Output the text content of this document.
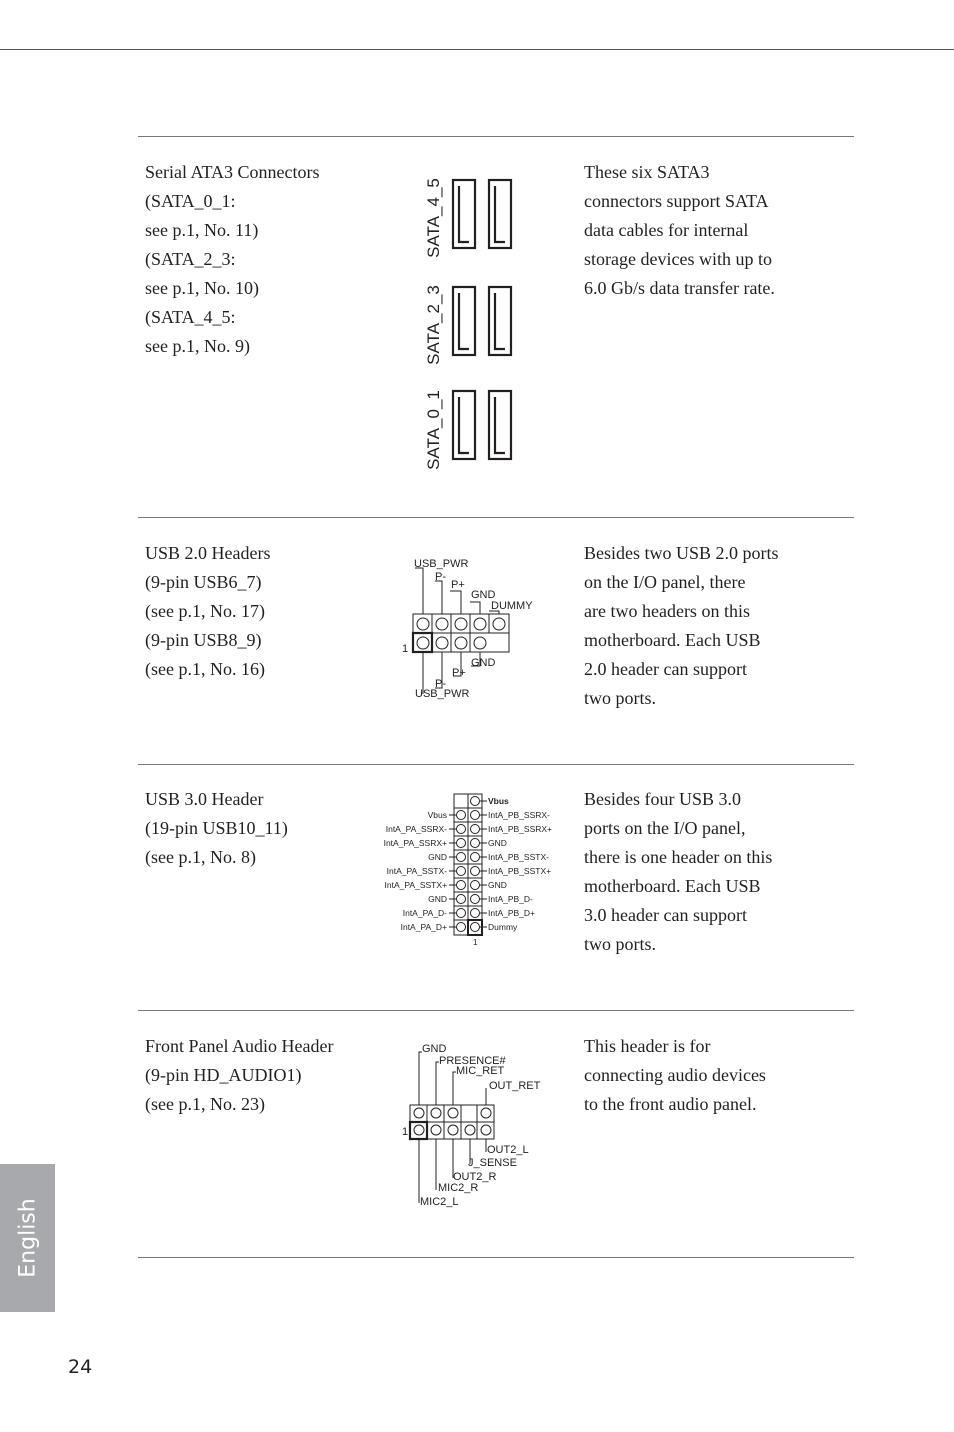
Serial ATA3 Connectors
(SATA_0_1:
see p.1, No. 11)
(SATA_2_3:
see p.1, No. 10)
(SATA_4_5:
see p.1, No. 9)
These six SATA3
connectors support SATA
data cables for internal
storage devices with up to
6.0 Gb/s data transfer rate.
SATA_4_5
SATA_2_3
SATA_0_1
USB 2.0 Headers
(9-pin USB6_7)
(see p.1, No. 17)
(9-pin USB8_9)
(see p.1, No. 16)
Besides two USB 2.0 ports
on the I/O panel, there
are two headers on this
motherboard. Each USB
2.0 header can support
two ports.
USB_PWR
P-
P+
GND
DUMMY
GND
P+
P-
USB_PWR
1
USB 3.0 Header
(19-pin USB10_11)
(see p.1, No. 8)
Besides four USB 3.0
ports on the I/O panel,
there is one header on this
motherboard. Each USB
3.0 header can support
two ports.
Vbus
Vbus
IntA_PA_SSRX-
IntA_PA_SSRX+
GND
IntA_PA_SSTX-
IntA_PA_SSTX+
GND
IntA_PA_D-
IntA_PA_D+
IntA_PB_SSRX-
IntA_PB_SSRX+
GND
IntA_PB_SSTX-
IntA_PB_SSTX+
GND
IntA_PB_D-
IntA_PB_D+
Dummy
1
Front Panel Audio Header
(9-pin HD_AUDIO1)
(see p.1, No. 23)
This header is for
connecting audio devices
to the front audio panel.
GND
PRESENCE#
MIC_RET
OUT_RET
OUT2_L
J_SENSE
OUT2_R
MIC2_R
MIC2_L
1
English
24
